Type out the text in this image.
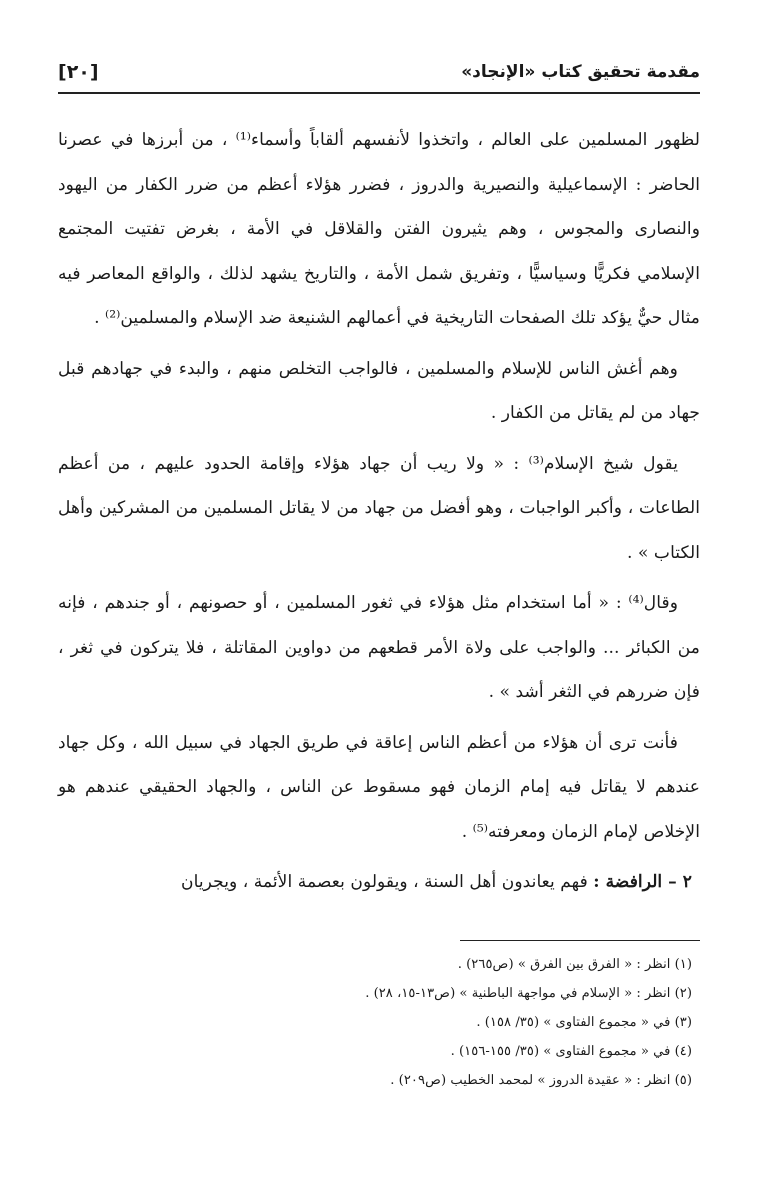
مقدمة تحقيق كتاب «الإنجاد»
[٢٠]

لظهور المسلمين على العالم ، واتخذوا لأنفسهم ألقاباً وأسماء⁽¹⁾ ، من أبرزها في عصرنا الحاضر : الإسماعيلية والنصيرية والدروز ، فضرر هؤلاء أعظم من ضرر الكفار من اليهود والنصارى والمجوس ، وهم يثيرون الفتن والقلاقل في الأمة ، بغرض تفتيت المجتمع الإسلامي فكريًّا وسياسيًّا ، وتفريق شمل الأمة ، والتاريخ يشهد لذلك ، والواقع المعاصر فيه مثال حيٌّ يؤكد تلك الصفحات التاريخية في أعمالهم الشنيعة ضد الإسلام والمسلمين⁽²⁾ .

وهم أغش الناس للإسلام والمسلمين ، فالواجب التخلص منهم ، والبدء في جهادهم قبل جهاد من لم يقاتل من الكفار .

يقول شيخ الإسلام⁽³⁾ : « ولا ريب أن جهاد هؤلاء وإقامة الحدود عليهم ، من أعظم الطاعات ، وأكبر الواجبات ، وهو أفضل من جهاد من لا يقاتل المسلمين من المشركين وأهل الكتاب » .

وقال⁽⁴⁾ : « أما استخدام مثل هؤلاء في ثغور المسلمين ، أو حصونهم ، أو جندهم ، فإنه من الكبائر ... والواجب على ولاة الأمر قطعهم من دواوين المقاتلة ، فلا يتركون في ثغر ، فإن ضررهم في الثغر أشد » .

فأنت ترى أن هؤلاء من أعظم الناس إعاقة في طريق الجهاد في سبيل الله ، وكل جهاد عندهم لا يقاتل فيه إمام الزمان فهو مسقوط عن الناس ، والجهاد الحقيقي عندهم هو الإخلاص لإمام الزمان ومعرفته⁽⁵⁾ .

٢ – الرافضة : فهم يعاندون أهل السنة ، ويقولون بعصمة الأئمة ، ويجريان

(١) انظر : « الفرق بين الفرق » (ص٢٦٥) .
(٢) انظر : « الإسلام في مواجهة الباطنية » (ص١٣-١٥، ٢٨) .
(٣) في « مجموع الفتاوى » (٣٥/ ١٥٨) .
(٤) في « مجموع الفتاوى » (٣٥/ ١٥٥-١٥٦) .
(٥) انظر : « عقيدة الدروز » لمحمد الخطيب (ص٢٠٩) .
